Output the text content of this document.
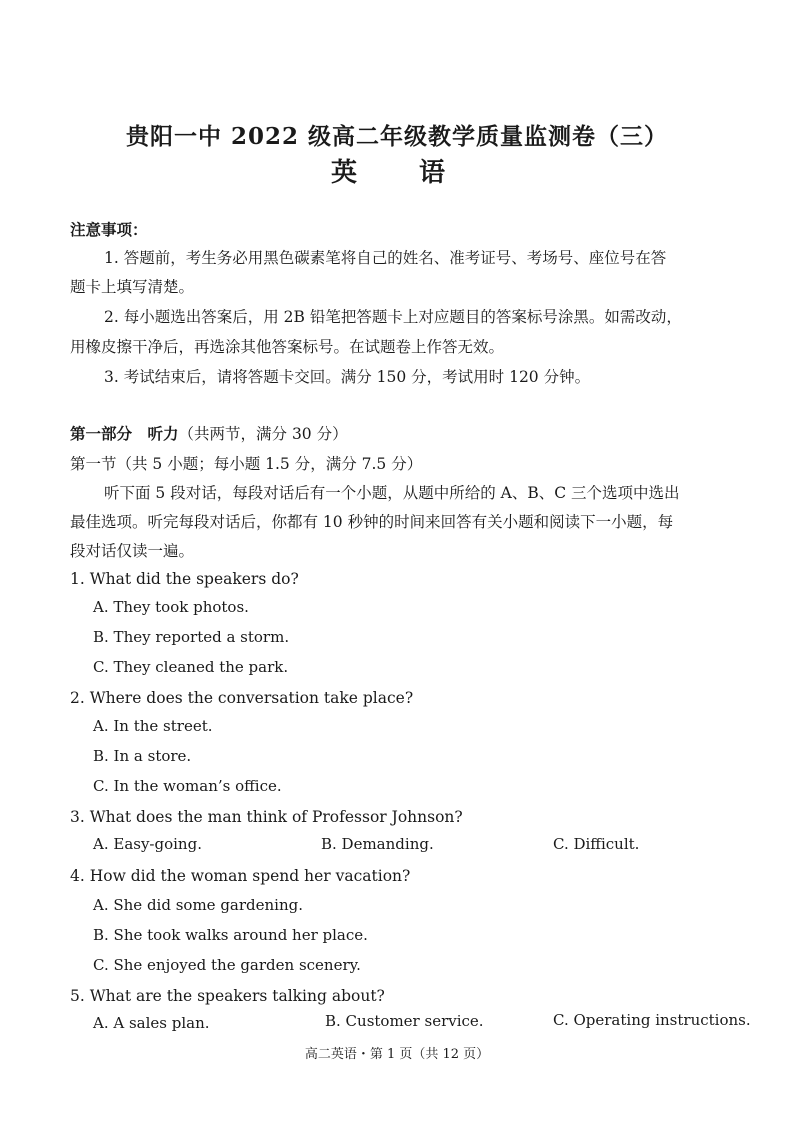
贵阳一中 2022 级高二年级教学质量监测卷（三）
英　语
注意事项：
1. 答题前，考生务必用黑色碳素笔将自己的姓名、准考证号、考场号、座位号在答
题卡上填写清楚。
2. 每小题选出答案后，用 2B 铅笔把答题卡上对应题目的答案标号涂黑。如需改动，
用橡皮擦干净后，再选涂其他答案标号。在试题卷上作答无效。
3. 考试结束后，请将答题卡交回。满分 150 分，考试用时 120 分钟。
第一部分　听力（共两节，满分 30 分）
第一节（共 5 小题；每小题 1.5 分，满分 7.5 分）
听下面 5 段对话，每段对话后有一个小题，从题中所给的 A、B、C 三个选项中选出
最佳选项。听完每段对话后，你都有 10 秒钟的时间来回答有关小题和阅读下一小题，每
段对话仅读一遍。
1. What did the speakers do?
A. They took photos.
B. They reported a storm.
C. They cleaned the park.
2. Where does the conversation take place?
A. In the street.
B. In a store.
C. In the woman’s office.
3. What does the man think of Professor Johnson?
A. Easy-going.	B. Demanding.	C. Difficult.
4. How did the woman spend her vacation?
A. She did some gardening.
B. She took walks around her place.
C. She enjoyed the garden scenery.
5. What are the speakers talking about?
A. A sales plan.	B. Customer service.	C. Operating instructions.
高二英语・第 1 页（共 12 页）
